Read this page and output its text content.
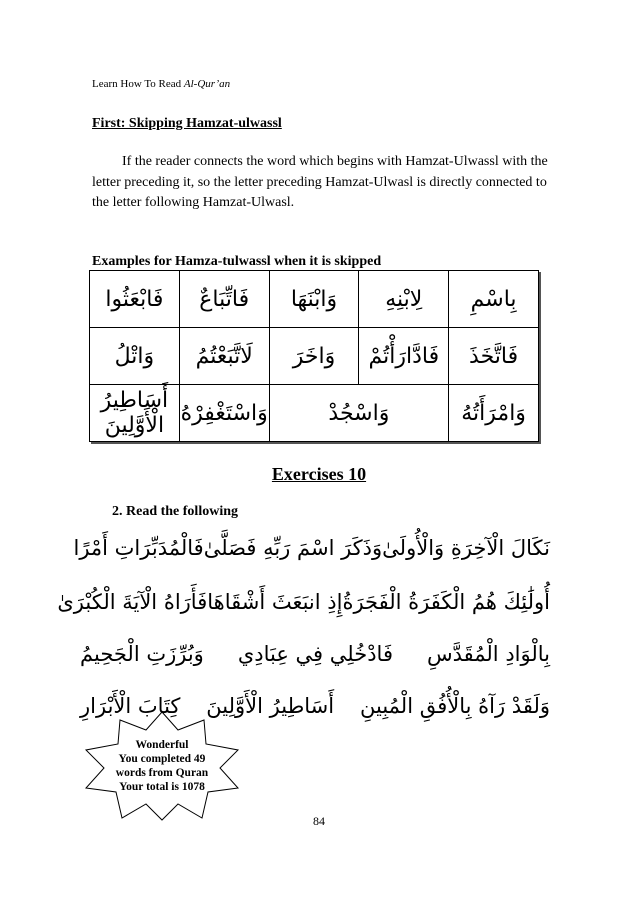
Learn How To Read Al-Qur’an
First: Skipping Hamzat-ulwassl
If the reader connects the word which begins with Hamzat-Ulwassl with the letter preceding it, so the letter preceding Hamzat-Ulwasl is directly connected to the letter following Hamzat-Ulwasl.
Examples for Hamza-tulwassl when it is skipped
فَابْعَثُوا	فَاتِّبَاعٌ	وَابْنَهَا	لِابْنِهِ	بِاسْمِ
وَاتْلُ	لَاتَّبَعْتُمُ	وَاخَرَ	فَادَّارَأْتُمْ	فَاتَّخَذَ
أَسَاطِيرُ الْأَوَّلِينَ	وَاسْتَغْفِرْهُ	وَاسْجُدْ		وَامْرَأَتُهُ
Exercises 10
2. Read the following
نَكَالَ الْآخِرَةِ وَالْأُولَىٰ
وَذَكَرَ اسْمَ رَبِّهِ فَصَلَّىٰ
فَالْمُدَبِّرَاتِ أَمْرًا
أُولَٰئِكَ هُمُ الْكَفَرَةُ الْفَجَرَةُ
إِذِ انبَعَثَ أَشْقَاهَا
فَأَرَاهُ الْآيَةَ الْكُبْرَىٰ
بِالْوَادِ الْمُقَدَّسِ
فَادْخُلِي فِي عِبَادِي
وَبُرِّزَتِ الْجَحِيمُ
وَلَقَدْ رَآهُ بِالْأُفُقِ الْمُبِينِ
أَسَاطِيرُ الْأَوَّلِينَ
كِتَابَ الْأَبْرَارِ
Wonderful
You completed 49
words from Quran
Your total is 1078
84
